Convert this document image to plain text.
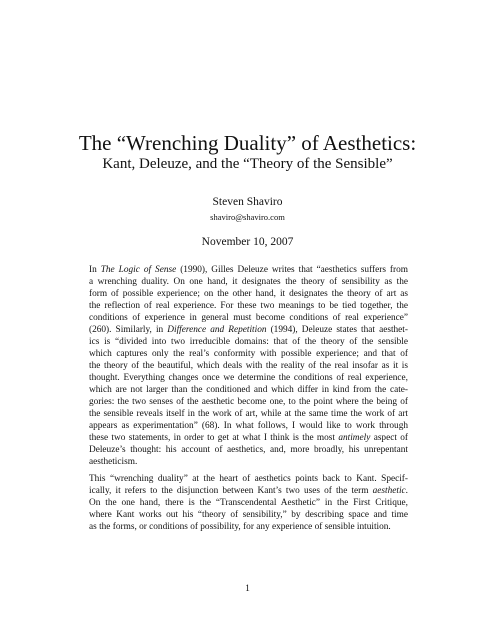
The “Wrenching Duality” of Aesthetics:
Kant, Deleuze, and the “Theory of the Sensible”
Steven Shaviro
shaviro@shaviro.com
November 10, 2007
In The Logic of Sense (1990), Gilles Deleuze writes that “aesthetics suffers from
a wrenching duality. On one hand, it designates the theory of sensibility as the
form of possible experience; on the other hand, it designates the theory of art as
the reflection of real experience. For these two meanings to be tied together, the
conditions of experience in general must become conditions of real experience”
(260). Similarly, in Difference and Repetition (1994), Deleuze states that aesthet-
ics is “divided into two irreducible domains: that of the theory of the sensible
which captures only the real’s conformity with possible experience; and that of
the theory of the beautiful, which deals with the reality of the real insofar as it is
thought. Everything changes once we determine the conditions of real experience,
which are not larger than the conditioned and which differ in kind from the cate-
gories: the two senses of the aesthetic become one, to the point where the being of
the sensible reveals itself in the work of art, while at the same time the work of art
appears as experimentation” (68). In what follows, I would like to work through
these two statements, in order to get at what I think is the most antimely aspect of
Deleuze’s thought: his account of aesthetics, and, more broadly, his unrepentant
aestheticism.
This “wrenching duality” at the heart of aesthetics points back to Kant. Specif-
ically, it refers to the disjunction between Kant’s two uses of the term aesthetic.
On the one hand, there is the “Transcendental Aesthetic” in the First Critique,
where Kant works out his “theory of sensibility,” by describing space and time
as the forms, or conditions of possibility, for any experience of sensible intuition.
1
